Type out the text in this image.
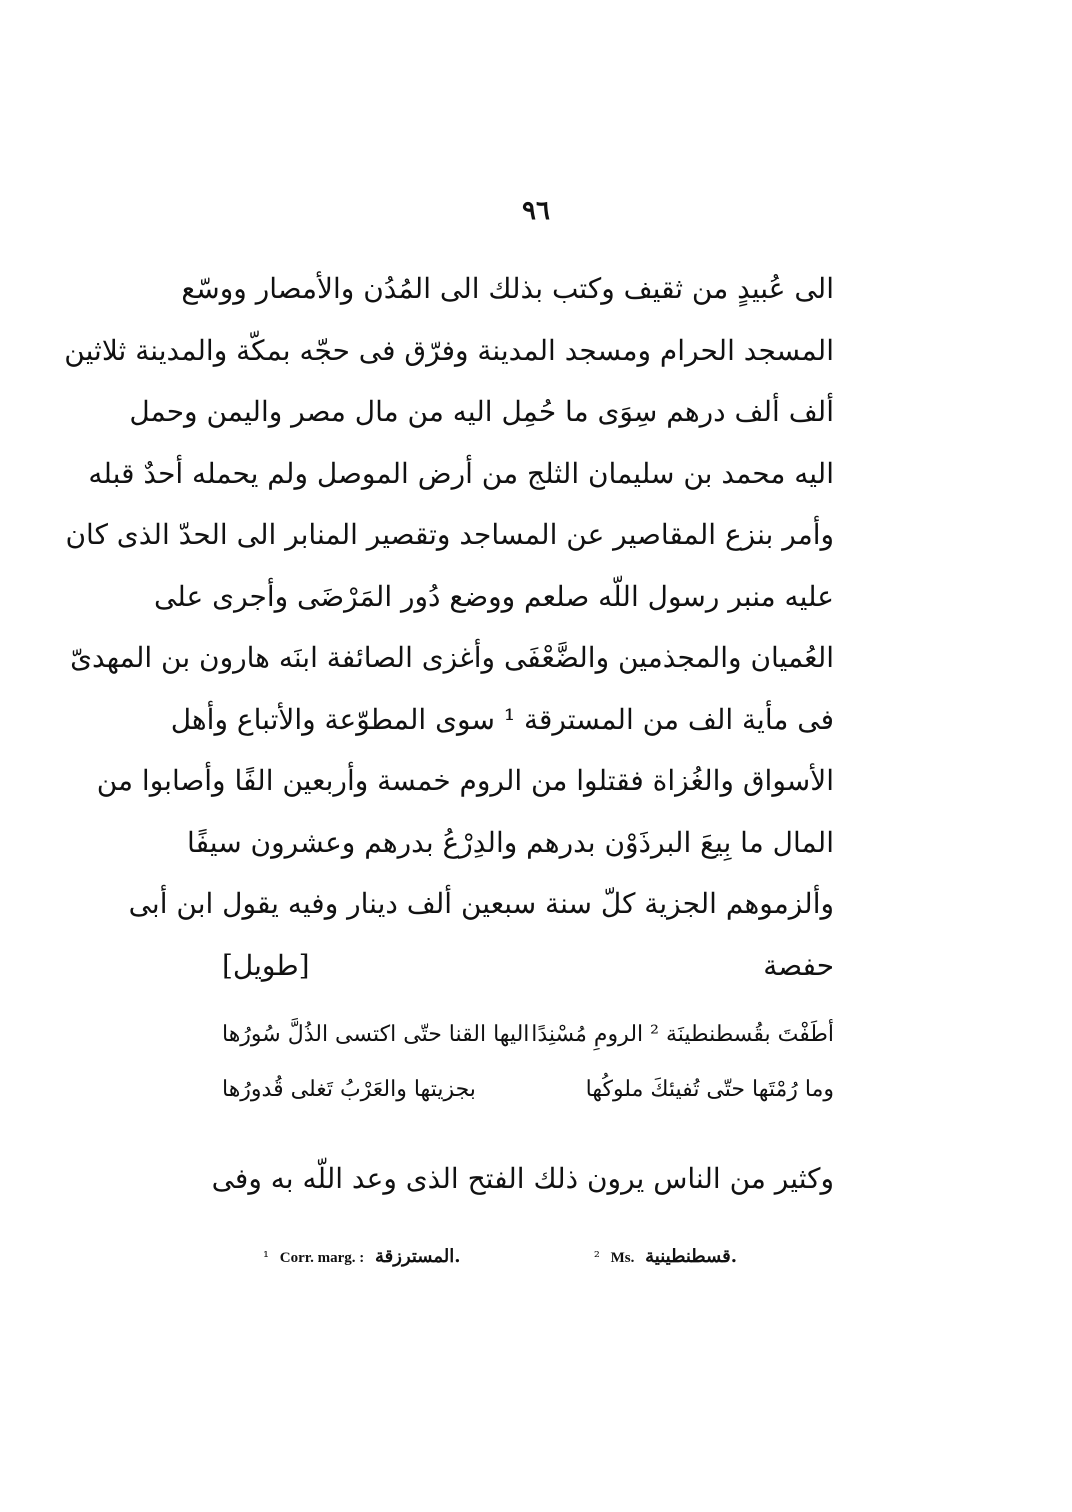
٩٦
الى عُبيدٍ من ثقيف وكتب بذلك الى المُدُن والأمصار ووسّع
المسجد الحرام ومسجد المدينة وفرّق فى حجّه بمكّة والمدينة ثلاثين
ألف ألف درهم سِوَى ما حُمِل اليه من مال مصر واليمن وحمل
اليه محمد بن سليمان الثلج من أرض الموصل ولم يحمله أحدٌ قبله
وأمر بنزع المقاصير عن المساجد وتقصير المنابر الى الحدّ الذى كان
عليه منبر رسول اللّه صلعم ووضع دُور المَرْضَى وأجرى على
العُميان والمجذمين والضَّعْفَى وأغزى الصائفة ابنَه هارون بن المهدىّ
فى مأية الف من المسترقة ¹ سوى المطوّعة والأتباع وأهل
الأسواق والغُزاة فقتلوا من الروم خمسة وأربعين الفًا وأصابوا من
المال ما بِيعَ البرذَوْن بدرهم والدِرْعُ بدرهم وعشرون سيفًا
وألزموهم الجزية كلّ سنة سبعين ألف دينار وفيه يقول ابن أبى
حفصة
[طويل]
أطَفْتَ بقُسطنطينَة ² الرومِ مُسْنِدًا
اليها القنا حتّى اكتسى الذُلَّ سُورُها
وما رُمْتَها حتّى تُفيئكَ ملوكُها
بجزيتها والعَرْبُ تَغلى قُدورُها
وكثير من الناس يرون ذلك الفتح الذى وعد اللّه به وفى
¹ Corr. marg. : المسترزقة.	² Ms. قسطنطينية.
